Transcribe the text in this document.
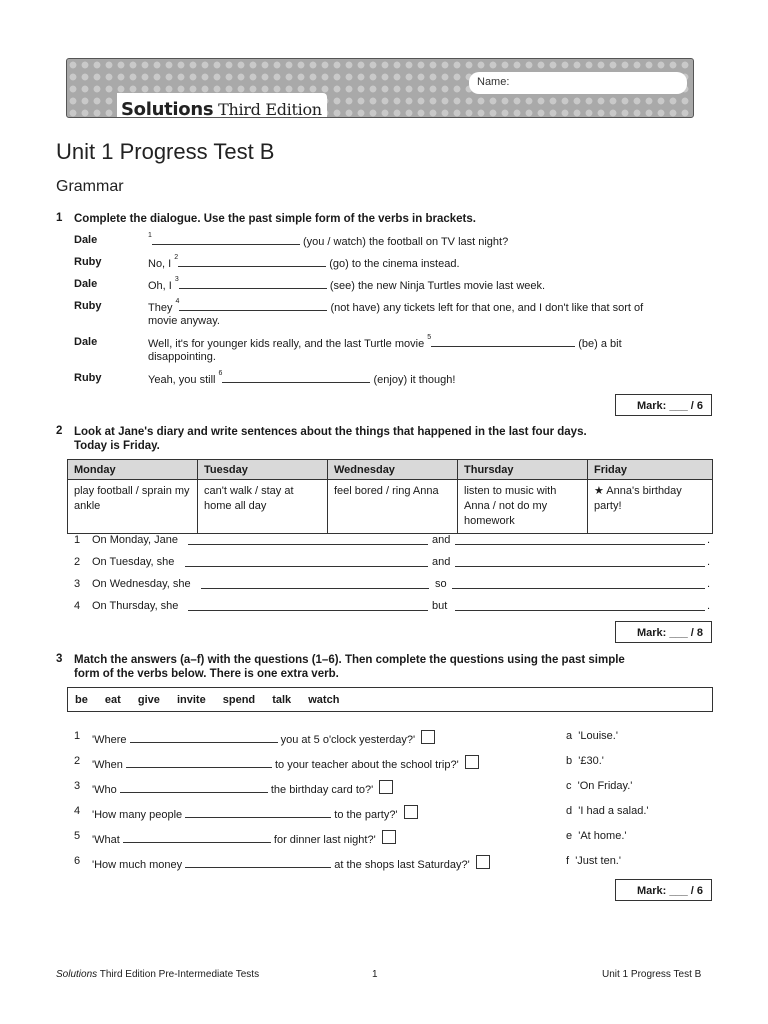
Solutions Third Edition
Name:
Unit 1 Progress Test B
Grammar
1 Complete the dialogue. Use the past simple form of the verbs in brackets.
Dale	$^1$ (you / watch) the football on TV last night?
Ruby	No, I $^2$ (go) to the cinema instead.
Dale	Oh, I $^3$ (see) the new Ninja Turtles movie last week.
Ruby	They $^4$ (not have) any tickets left for that one, and I don't like that sort of
movie anyway.
Dale	Well, it's for younger kids really, and the last Turtle movie $^5$ (be) a bit
disappointing.
Ruby	Yeah, you still $^6$ (enjoy) it though!
Mark: ___ / 6
2 Look at Jane's diary and write sentences about the things that happened in the last four days.
Today is Friday.
Monday	Tuesday	Wednesday	Thursday	Friday
play football / sprain my ankle	can't walk / stay at home all day	feel bored / ring Anna	listen to music with Anna / not do my homework	★ Anna's birthday party!
1 On Monday, Jane	and	.
2 On Tuesday, she	and	.
3 On Wednesday, she	so	.
4 On Thursday, she	but	.
Mark: ___ / 8
3 Match the answers (a–f) with the questions (1–6). Then complete the questions using the past simple
form of the verbs below. There is one extra verb.
be eat give invite spend talk watch
1 'Where	you at 5 o'clock yesterday?'
2 'When	to your teacher about the school trip?'
3 'Who	the birthday card to?'
4 'How many people	to the party?'
5 'What	for dinner last night?'
6 'How much money	at the shops last Saturday?'
a 'Louise.'
b '£30.'
c 'On Friday.'
d 'I had a salad.'
e 'At home.'
f 'Just ten.'
Mark: ___ / 6
Solutions Third Edition Pre-Intermediate Tests	1	Unit 1 Progress Test B
